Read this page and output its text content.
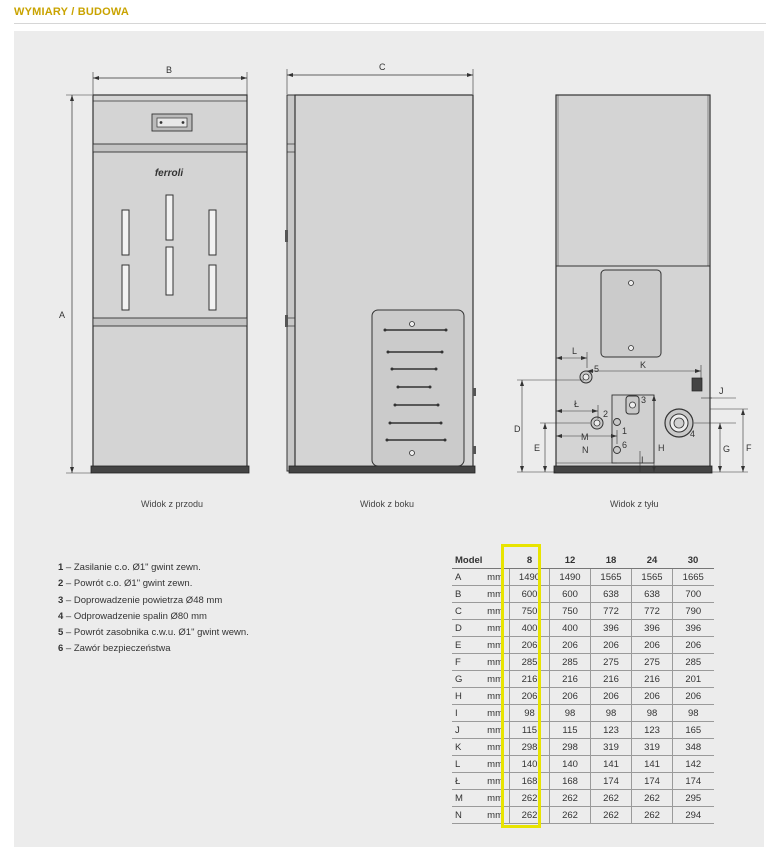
WYMIARY / BUDOWA
B
A
ferroli
C
L
K
J
Ł
M
N
D
E	H
I
G F
5
3
2
1	4
6
Widok z przodu	Widok z boku	Widok z tyłu
1 – Zasilanie c.o. Ø1" gwint zewn.
2 – Powrót c.o. Ø1" gwint zewn.
3 – Doprowadzenie powietrza Ø48 mm
4 – Odprowadzenie spalin Ø80 mm
5 – Powrót zasobnika c.w.u. Ø1" gwint wewn.
6 – Zawór bezpieczeństwa
Model		8	12	18	24	30
A	mm	1490	1490	1565	1565	1665
B	mm	600	600	638	638	700
C	mm	750	750	772	772	790
D	mm	400	400	396	396	396
E	mm	206	206	206	206	206
F	mm	285	285	275	275	285
G	mm	216	216	216	216	201
H	mm	206	206	206	206	206
I	mm	98	98	98	98	98
J	mm	115	115	123	123	165
K	mm	298	298	319	319	348
L	mm	140	140	141	141	142
Ł	mm	168	168	174	174	174
M	mm	262	262	262	262	295
N	mm	262	262	262	262	294
